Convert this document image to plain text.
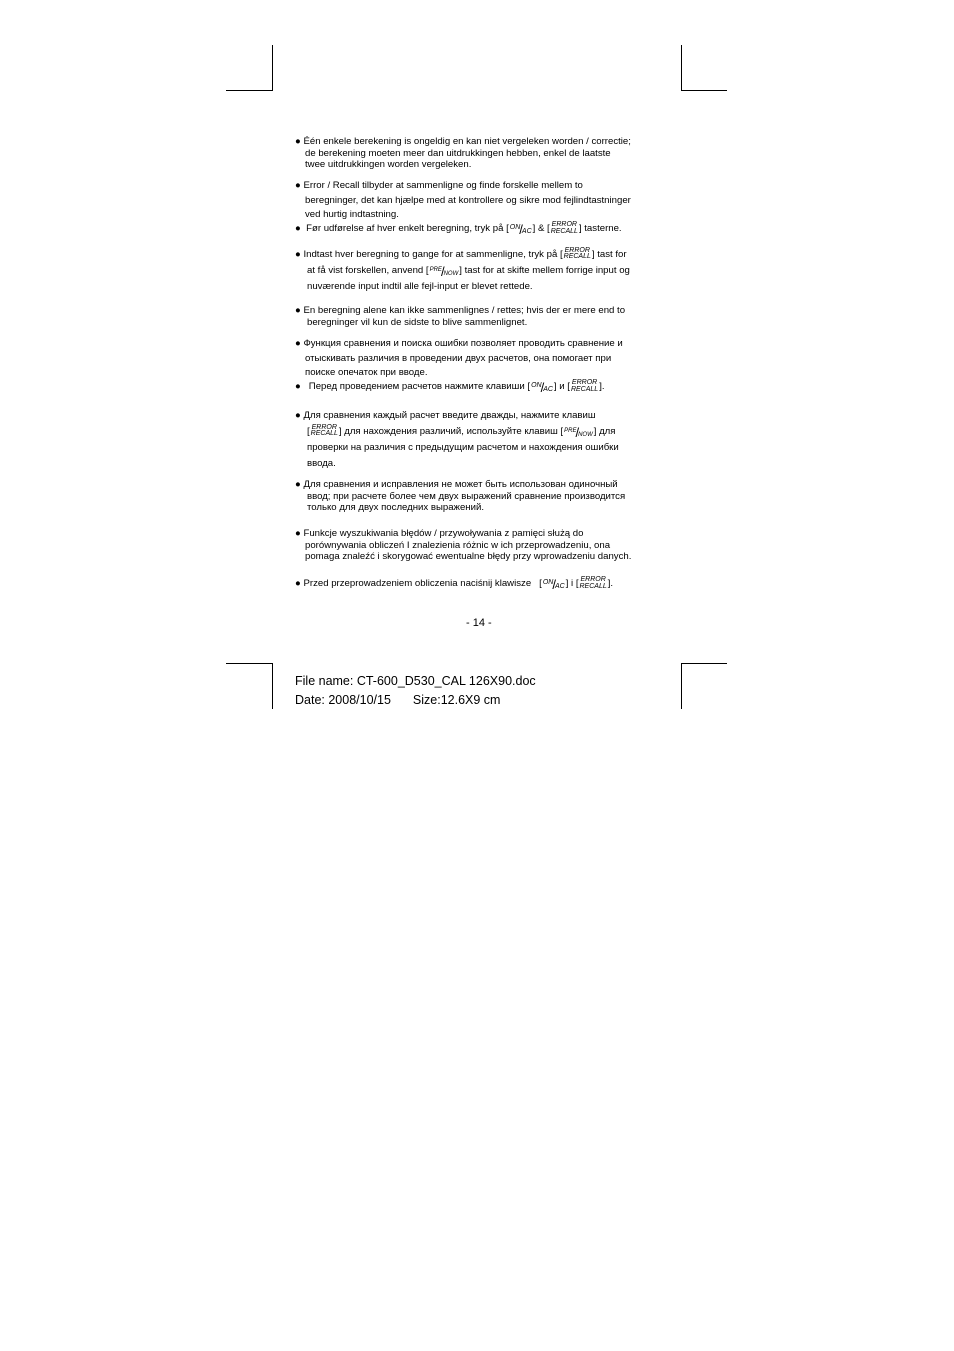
● Één enkele berekening is ongeldig en kan niet vergeleken worden / correctie;
de berekening moeten meer dan uitdrukkingen hebben, enkel de laatste
twee uitdrukkingen worden vergeleken.
● Error / Recall tilbyder at sammenligne og finde forskelle mellem to
beregninger, det kan hjælpe med at kontrollere og sikre mod fejlindtastninger
ved hurtig indtastning.
● Før udførelse af hver enkelt beregning, tryk på [ ON / AC ] & [ ERROR
RECALL ] tasterne.
● Indtast hver beregning to gange for at sammenligne, tryk på [ ERROR
RECALL ] tast for
at få vist forskellen, anvend [ PRE / NOW ] tast for at skifte mellem forrige input og
nuværende input indtil alle fejl-input er blevet rettede.
● En beregning alene kan ikke sammenlignes / rettes; hvis der er mere end to
beregninger vil kun de sidste to blive sammenlignet.
● Функция сравнения и поиска ошибки позволяет проводить сравнение и
отыскивать различия в проведении двух расчетов, она помогает при
поиске опечаток при вводе.
● Перед проведением расчетов нажмите клавиши [ ON / AC ] и [ ERROR
RECALL ].
● Для сравнения каждый расчет введите дважды, нажмите клавиш
[ ERROR
RECALL ] для нахождения различий, используйте клавиш [ PRE / NOW ] для
проверки на различия с предыдущим расчетом и нахождения ошибки
ввода.
● Для сравнения и исправления не может быть использован одиночный
ввод; при расчете более чем двух выражений сравнение производится
только для двух последних выражений.
● Funkcje wyszukiwania błędów / przywoływania z pamięci służą do
porównywania obliczeń I znalezienia różnic w ich przeprowadzeniu, ona
pomaga znaleźć i skorygować ewentualne błędy przy wprowadzeniu danych.
● Przed przeprowadzeniem obliczenia naciśnij klawisze [ ON / AC ] i [ ERROR
RECALL ].
- 14 -
File name: CT-600_D530_CAL 126X90.doc
Date: 2008/10/15 Size:12.6X9 cm
